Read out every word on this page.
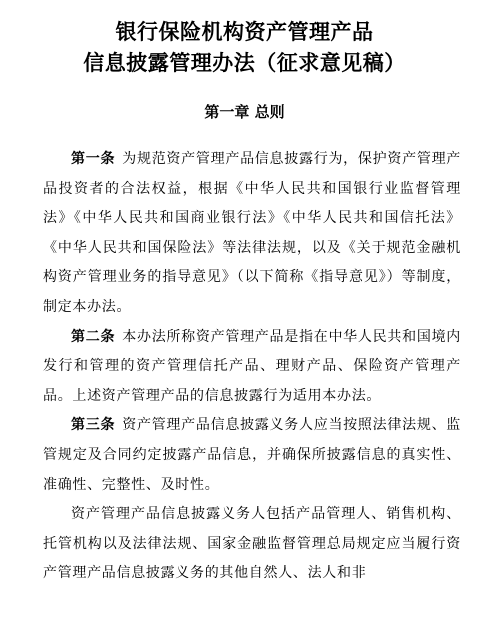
银行保险机构资产管理产品

信息披露管理办法（征求意见稿）

第一章 总则

第一条 为规范资产管理产品信息披露行为，保护资产管理产品投资者的合法权益，根据《中华人民共和国银行业监督管理法》《中华人民共和国商业银行法》《中华人民共和国信托法》《中华人民共和国保险法》等法律法规，以及《关于规范金融机构资产管理业务的指导意见》（以下简称《指导意见》）等制度，制定本办法。

第二条 本办法所称资产管理产品是指在中华人民共和国境内发行和管理的资产管理信托产品、理财产品、保险资产管理产品。上述资产管理产品的信息披露行为适用本办法。

第三条 资产管理产品信息披露义务人应当按照法律法规、监管规定及合同约定披露产品信息，并确保所披露信息的真实性、准确性、完整性、及时性。

资产管理产品信息披露义务人包括产品管理人、销售机构、托管机构以及法律法规、国家金融监督管理总局规定应当履行资产管理产品信息披露义务的其他自然人、法人和非
